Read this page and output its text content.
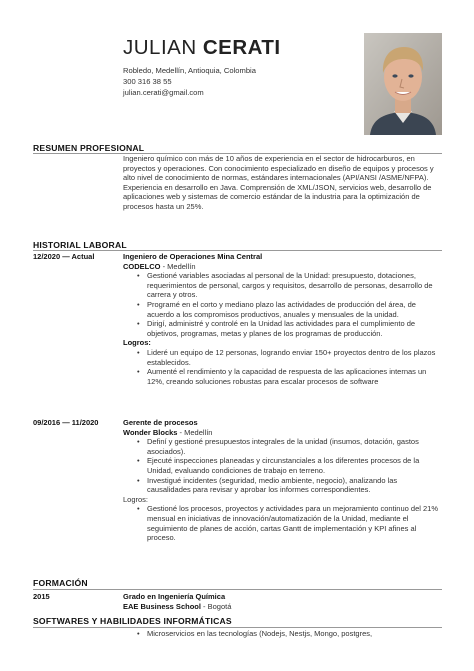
JULIAN CERATI
Robledo, Medellín, Antioquia, Colombia
300 316 38 55
julian.cerati@gmail.com
RESUMEN PROFESIONAL
Ingeniero químico con más de 10 años de experiencia en el sector de hidrocarburos, en proyectos y operaciones. Con conocimiento especializado en diseño de equipos y procesos y alto nivel de conocimiento de normas, estándares internacionales (API/ANSI /ASME/NFPA). Experiencia en desarrollo en Java. Comprensión de XML/JSON, servicios web, desarrollo de aplicaciones web y sistemas de comercio estándar de la industria para la optimización de procesos hasta un 25%.
HISTORIAL LABORAL
12/2020 — Actual	Ingeniero de Operaciones Mina Central
CODELCO - Medellín
• Gestioné variables asociadas al personal de la Unidad: presupuesto, dotaciones, requerimientos de personal, cargos y requisitos, desarrollo de personas, desarrollo de carrera y otros.
• Programé en el corto y mediano plazo las actividades de producción del área, de acuerdo a los compromisos productivos, anuales y mensuales de la unidad.
• Dirigí, administré y controlé en la Unidad las actividades para el cumplimiento de objetivos, programas, metas y planes de los programas de producción.
Logros:
• Lideré un equipo de 12 personas, logrando enviar 150+ proyectos dentro de los plazos establecidos.
• Aumenté el rendimiento y la capacidad de respuesta de las aplicaciones internas un 12%, creando soluciones robustas para escalar procesos de software
09/2016 — 11/2020	Gerente de procesos
Wonder Blocks - Medellín
• Definí y gestioné presupuestos integrales de la unidad (insumos, dotación, gastos asociados).
• Ejecuté inspecciones planeadas y circunstanciales a los diferentes procesos de la Unidad, evaluando condiciones de trabajo en terreno.
• Investigué incidentes (seguridad, medio ambiente, negocio), analizando las causalidades para revisar y aprobar los informes correspondientes.
Logros:
• Gestioné los procesos, proyectos y actividades para un mejoramiento continuo del 21% mensual en iniciativas de innovación/automatización de la Unidad, mediante el seguimiento de planes de acción, cartas Gantt de implementación y KPI afines al proceso.
FORMACIÓN
2015	Grado en Ingeniería Química
EAE Business School - Bogotá
SOFTWARES Y HABILIDADES INFORMÁTICAS
• Microservicios en las tecnologías (Nodejs, Nestjs, Mongo, postgres,
